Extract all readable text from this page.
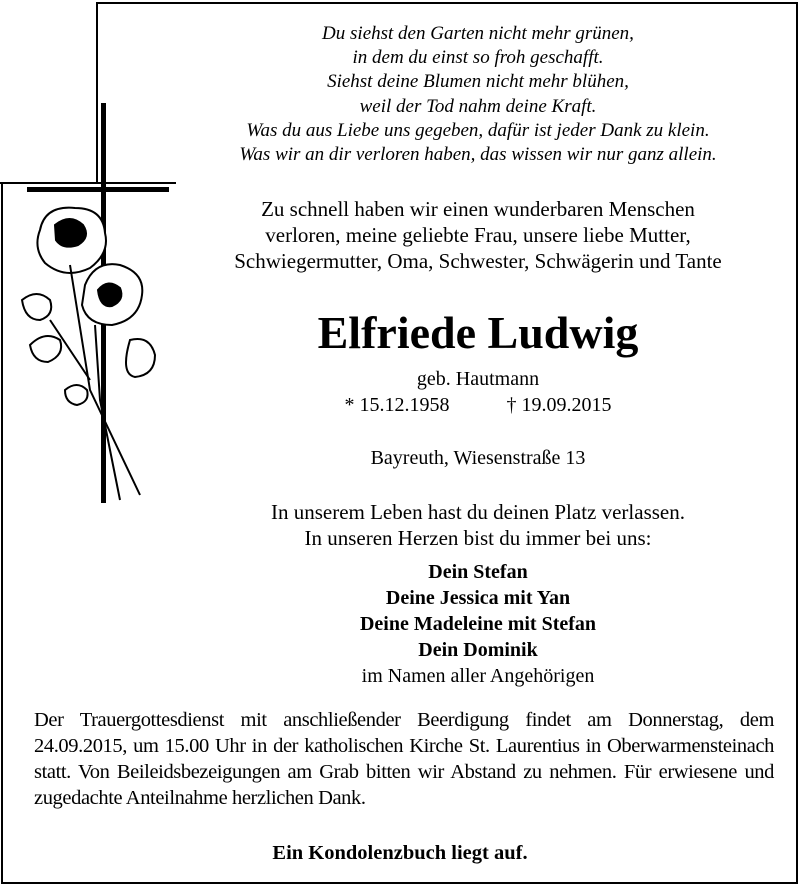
Du siehst den Garten nicht mehr grünen,
in dem du einst so froh geschafft.
Siehst deine Blumen nicht mehr blühen,
weil der Tod nahm deine Kraft.
Was du aus Liebe uns gegeben, dafür ist jeder Dank zu klein.
Was wir an dir verloren haben, das wissen wir nur ganz allein.
Zu schnell haben wir einen wunderbaren Menschen
verloren, meine geliebte Frau, unsere liebe Mutter,
Schwiegermutter, Oma, Schwester, Schwägerin und Tante
Elfriede Ludwig
geb. Hautmann
* 15.12.1958	† 19.09.2015
Bayreuth, Wiesenstraße 13
In unserem Leben hast du deinen Platz verlassen.
In unseren Herzen bist du immer bei uns:
Dein Stefan
Deine Jessica mit Yan
Deine Madeleine mit Stefan
Dein Dominik
im Namen aller Angehörigen
Der Trauergottesdienst mit anschließender Beerdigung findet am Donnerstag, dem 24.09.2015, um 15.00 Uhr in der katholischen Kirche St. Laurentius in Oberwarmensteinach statt. Von Beileidsbezeigungen am Grab bitten wir Abstand zu nehmen. Für erwiesene und zugedachte Anteilnahme herzlichen Dank.
Ein Kondolenzbuch liegt auf.
